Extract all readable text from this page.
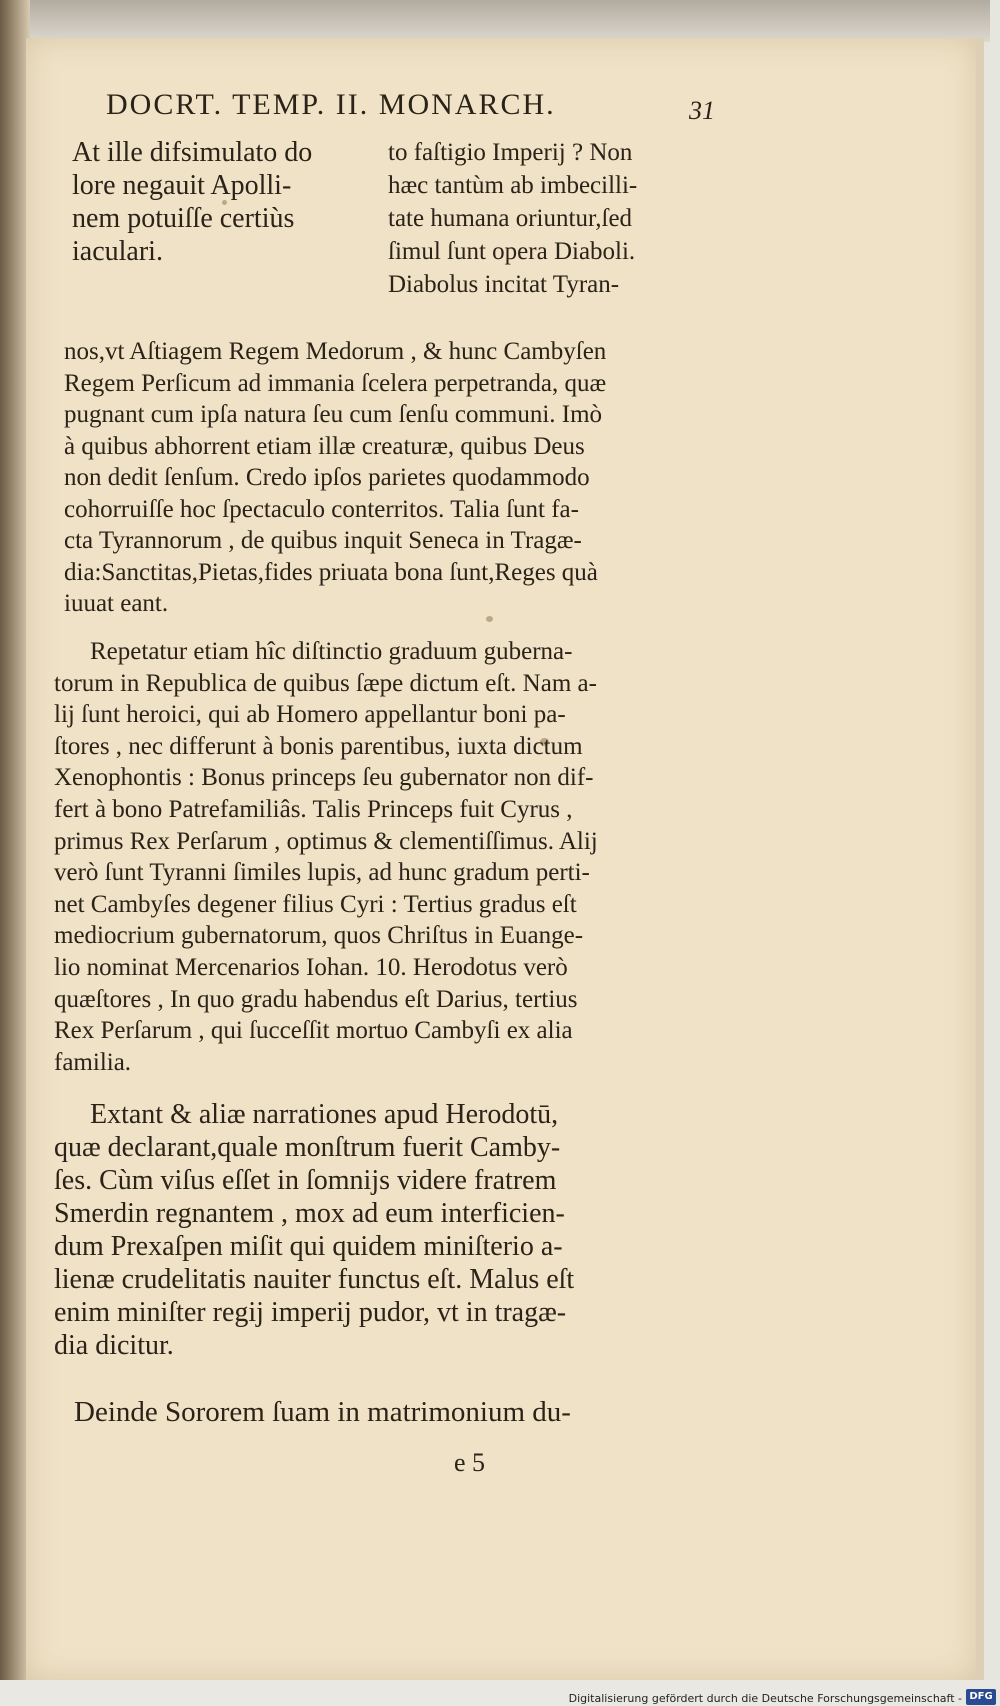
DOCRT. TEMP. II. MONARCH.	31
At ille difsimulato do
lore negauit Apolli-
nem potuiſſe certiùs
iaculari.
to faſtigio Imperij ? Non
hæc tantùm ab imbecilli-
tate humana oriuntur,ſed
ſimul ſunt opera Diaboli.
Diabolus incitat Tyran-
nos,vt Aſtiagem Regem Medorum , & hunc Cambyſen
Regem Perſicum ad immania ſcelera perpetranda, quæ
pugnant cum ipſa natura ſeu cum ſenſu communi. Imò
à quibus abhorrent etiam illæ creaturæ, quibus Deus
non dedit ſenſum. Credo ipſos parietes quodammodo
cohorruiſſe hoc ſpectaculo conterritos. Talia ſunt fa-
cta Tyrannorum , de quibus inquit Seneca in Tragæ-
dia:Sanctitas,Pietas,fides priuata bona ſunt,Reges quà
iuuat eant.
Repetatur etiam hîc diſtinctio graduum guberna-
torum in Republica de quibus ſæpe dictum eſt. Nam a-
lij ſunt heroici, qui ab Homero appellantur boni pa-
ſtores , nec differunt à bonis parentibus, iuxta dictum
Xenophontis : Bonus princeps ſeu gubernator non dif-
fert à bono Patrefamiliâs. Talis Princeps fuit Cyrus ,
primus Rex Perſarum , optimus & clementiſſimus. Alij
verò ſunt Tyranni ſimiles lupis, ad hunc gradum perti-
net Cambyſes degener filius Cyri : Tertius gradus eſt
mediocrium gubernatorum, quos Chriſtus in Euange-
lio nominat Mercenarios Iohan. 10. Herodotus verò
quæſtores , In quo gradu habendus eſt Darius, tertius
Rex Perſarum , qui ſucceſſit mortuo Cambyſi ex alia
familia.
Extant & aliæ narrationes apud Herodotū,
quæ declarant,quale monſtrum fuerit Camby-
ſes. Cùm viſus eſſet in ſomnijs videre fratrem
Smerdin regnantem , mox ad eum interficien-
dum Prexaſpen miſit qui quidem miniſterio a-
lienæ crudelitatis nauiter functus eſt. Malus eſt
enim miniſter regij imperij pudor, vt in tragæ-
dia dicitur.
Deinde Sororem ſuam in matrimonium du-
e 5
Digitalisierung gefördert durch die Deutsche Forschungsgemeinschaft - DFG
